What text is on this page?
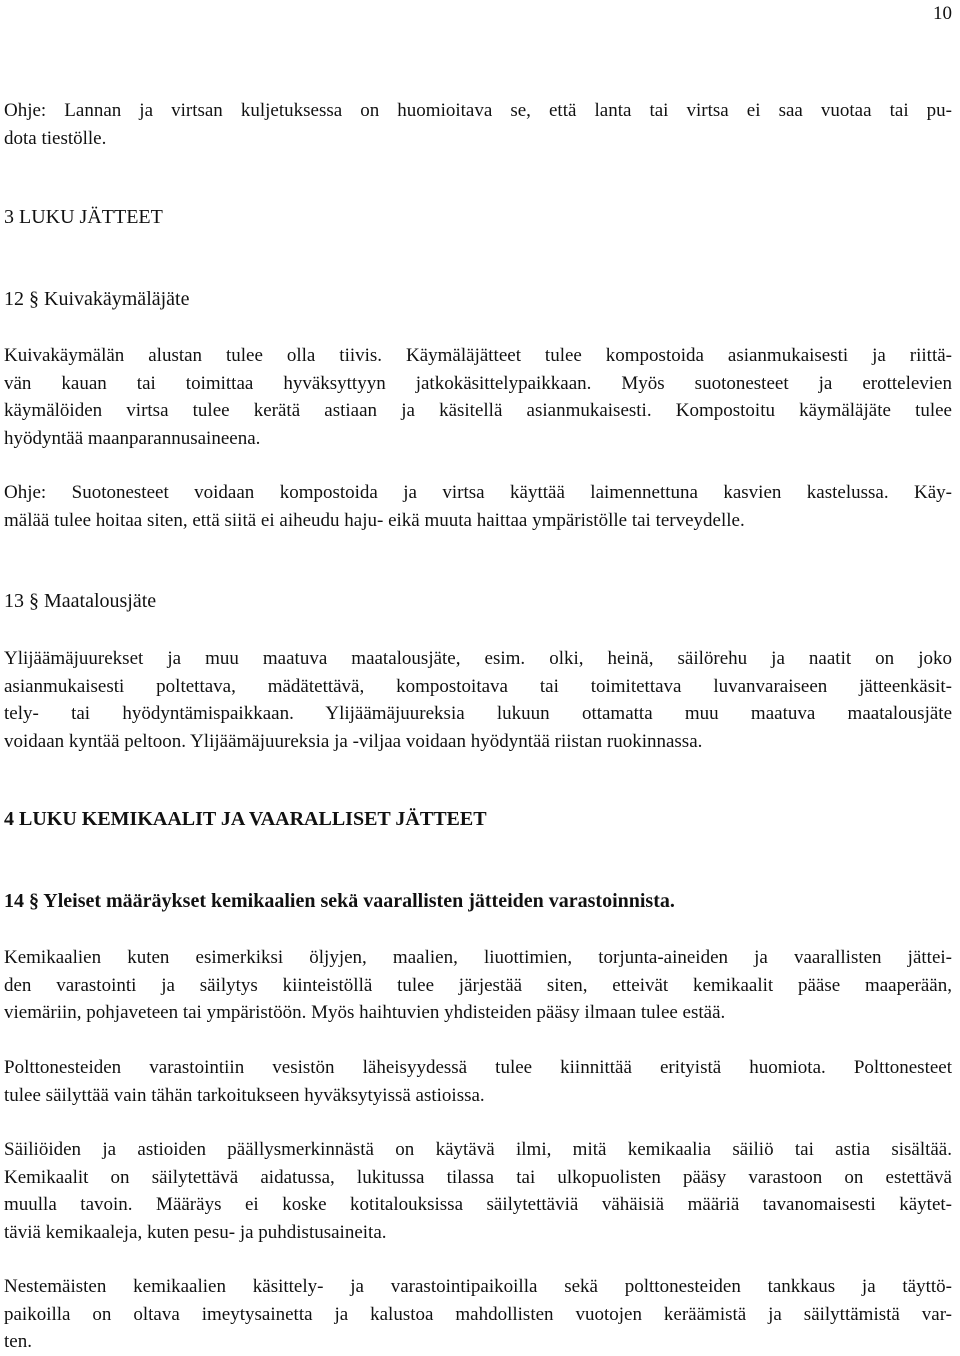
10

Ohje: Lannan ja virtsan kuljetuksessa on huomioitava se, että lanta tai virtsa ei saa vuotaa tai pu-
dota tiestölle.

3 LUKU JÄTTEET
12 § Kuivakäymäläjäte

Kuivakäymälän alustan tulee olla tiivis. Käymäläjätteet tulee kompostoida asianmukaisesti ja riittä-
vän kauan tai toimittaa hyväksyttyyn jatkokäsittelypaikkaan. Myös suotonesteet ja erottelevien
käymälöiden virtsa tulee kerätä astiaan ja käsitellä asianmukaisesti. Kompostoitu käymäläjäte tulee
hyödyntää maanparannusaineena.

Ohje: Suotonesteet voidaan kompostoida ja virtsa käyttää laimennettuna kasvien kastelussa. Käy-
mälää tulee hoitaa siten, että siitä ei aiheudu haju- eikä muuta haittaa ympäristölle tai terveydelle.

13 § Maatalousjäte

Ylijäämäjuurekset ja muu maatuva maatalousjäte, esim. olki, heinä, säilörehu ja naatit on joko
asianmukaisesti poltettava, mädätettävä, kompostoitava tai toimitettava luvanvaraiseen jätteenkäsit-
tely- tai hyödyntämispaikkaan. Ylijäämäjuureksia lukuun ottamatta muu maatuva maatalousjäte
voidaan kyntää peltoon. Ylijäämäjuureksia ja -viljaa voidaan hyödyntää riistan ruokinnassa.

4 LUKU KEMIKAALIT JA VAARALLISET JÄTTEET
14 § Yleiset määräykset kemikaalien sekä vaarallisten jätteiden varastoinnista.

Kemikaalien kuten esimerkiksi öljyjen, maalien, liuottimien, torjunta-aineiden ja vaarallisten jättei-
den varastointi ja säilytys kiinteistöllä tulee järjestää siten, etteivät kemikaalit pääse maaperään,
viemäriin, pohjaveteen tai ympäristöön. Myös haihtuvien yhdisteiden pääsy ilmaan tulee estää.

Polttonesteiden varastointiin vesistön läheisyydessä tulee kiinnittää erityistä huomiota. Polttonesteet
tulee säilyttää vain tähän tarkoitukseen hyväksytyissä astioissa.

Säiliöiden ja astioiden päällysmerkinnästä on käytävä ilmi, mitä kemikaalia säiliö tai astia sisältää.
Kemikaalit on säilytettävä aidatussa, lukitussa tilassa tai ulkopuolisten pääsy varastoon on estettävä
muulla tavoin. Määräys ei koske kotitalouksissa säilytettäviä vähäisiä määriä tavanomaisesti käytet-
täviä kemikaaleja, kuten pesu- ja puhdistusaineita.

Nestemäisten kemikaalien käsittely- ja varastointipaikoilla sekä polttonesteiden tankkaus ja täyttö-
paikoilla on oltava imeytysainetta ja kalustoa mahdollisten vuotojen keräämistä ja säilyttämistä var-
ten.
